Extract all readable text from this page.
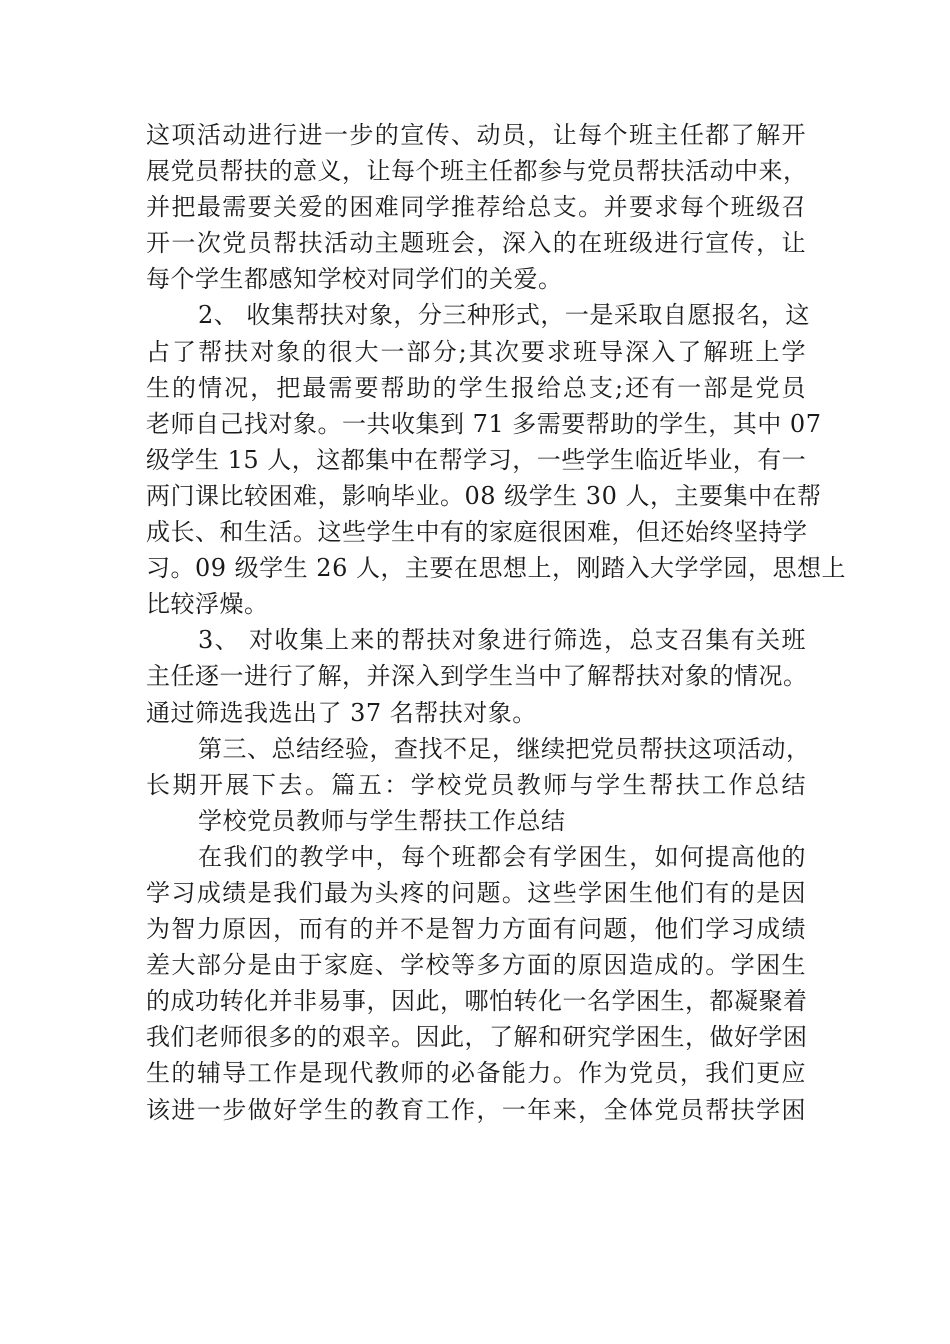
这项活动进行进一步的宣传、动员，让每个班主任都了解开
展党员帮扶的意义，让每个班主任都参与党员帮扶活动中来，
并把最需要关爱的困难同学推荐给总支。并要求每个班级召
开一次党员帮扶活动主题班会，深入的在班级进行宣传，让
每个学生都感知学校对同学们的关爱。
2、 收集帮扶对象，分三种形式，一是采取自愿报名，这
占了帮扶对象的很大一部分;其次要求班导深入了解班上学
生的情况，把最需要帮助的学生报给总支;还有一部是党员
老师自己找对象。一共收集到 71 多需要帮助的学生，其中 07
级学生 15 人，这都集中在帮学习，一些学生临近毕业，有一
两门课比较困难，影响毕业。08 级学生 30 人，主要集中在帮
成长、和生活。这些学生中有的家庭很困难，但还始终坚持学
习。09 级学生 26 人，主要在思想上，刚踏入大学学园，思想上
比较浮燥。
3、 对收集上来的帮扶对象进行筛选，总支召集有关班
主任逐一进行了解，并深入到学生当中了解帮扶对象的情况。
通过筛选我选出了 37 名帮扶对象。
第三、总结经验，查找不足，继续把党员帮扶这项活动，
长期开展下去。篇五：学校党员教师与学生帮扶工作总结
学校党员教师与学生帮扶工作总结
在我们的教学中，每个班都会有学困生，如何提高他的
学习成绩是我们最为头疼的问题。这些学困生他们有的是因
为智力原因，而有的并不是智力方面有问题，他们学习成绩
差大部分是由于家庭、学校等多方面的原因造成的。学困生
的成功转化并非易事，因此，哪怕转化一名学困生，都凝聚着
我们老师很多的的艰辛。因此，了解和研究学困生，做好学困
生的辅导工作是现代教师的必备能力。作为党员，我们更应
该进一步做好学生的教育工作，一年来，全体党员帮扶学困
